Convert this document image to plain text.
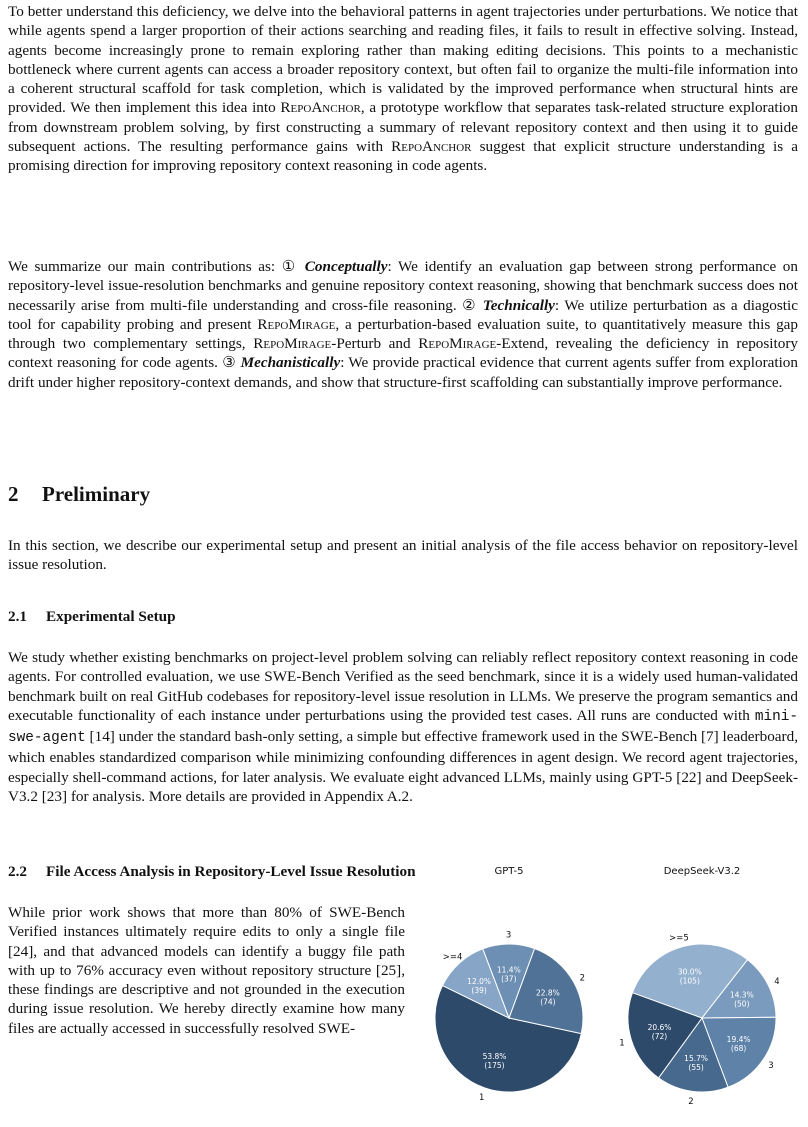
To better understand this deficiency, we delve into the behavioral patterns in agent trajectories under perturbations. We notice that while agents spend a larger proportion of their actions searching and reading files, it fails to result in effective solving. Instead, agents become increasingly prone to remain exploring rather than making editing decisions. This points to a mechanistic bottleneck where current agents can access a broader repository context, but often fail to organize the multi-file information into a coherent structural scaffold for task completion, which is validated by the improved performance when structural hints are provided. We then implement this idea into RepoAnchor, a prototype workflow that separates task-related structure exploration from downstream problem solving, by first constructing a summary of relevant repository context and then using it to guide subsequent actions. The resulting performance gains with RepoAnchor suggest that explicit structure understanding is a promising direction for improving repository context reasoning in code agents.

We summarize our main contributions as: ① Conceptually: We identify an evaluation gap between strong performance on repository-level issue-resolution benchmarks and genuine repository context reasoning, showing that benchmark success does not necessarily arise from multi-file understanding and cross-file reasoning. ② Technically: We utilize perturbation as a diagostic tool for capability probing and present RepoMirage, a perturbation-based evaluation suite, to quantitatively measure this gap through two complementary settings, RepoMirage-Perturb and RepoMirage-Extend, revealing the deficiency in repository context reasoning for code agents. ③ Mechanistically: We provide practical evidence that current agents suffer from exploration drift under higher repository-context demands, and show that structure-first scaffolding can substantially improve performance.

2 Preliminary

In this section, we describe our experimental setup and present an initial analysis of the file access behavior on repository-level issue resolution.

2.1 Experimental Setup

We study whether existing benchmarks on project-level problem solving can reliably reflect repository context reasoning in code agents. For controlled evaluation, we use SWE-Bench Verified as the seed benchmark, since it is a widely used human-validated benchmark built on real GitHub codebases for repository-level issue resolution in LLMs. We preserve the program semantics and executable functionality of each instance under perturbations using the provided test cases. All runs are conducted with mini-swe-agent [14] under the standard bash-only setting, a simple but effective framework used in the SWE-Bench [7] leaderboard, which enables standardized comparison while minimizing confounding differences in agent design. We record agent trajectories, especially shell-command actions, for later analysis. We evaluate eight advanced LLMs, mainly using GPT-5 [22] and DeepSeek-V3.2 [23] for analysis. More details are provided in Appendix A.2.

2.2 File Access Analysis in Repository-Level Issue Resolution

While prior work shows that more than 80% of SWE-Bench Verified instances ultimately require edits to only a single file [24], and that advanced models can identify a buggy file path with up to 76% accuracy even without repository structure [25], these findings are descriptive and not grounded in the execution during issue resolution. We hereby directly examine how many files are actually accessed in successfully resolved SWE-

GPT-5
53.8%
(175)
1
22.8%
(74)
2
11.4%
(37)
3
12.0%
(39)
>=4
DeepSeek-V3.2
30.0%
(105)
>=5
14.3%
(50)
4
19.4%
(68)
3
15.7%
(55)
2
20.6%
(72)
1
